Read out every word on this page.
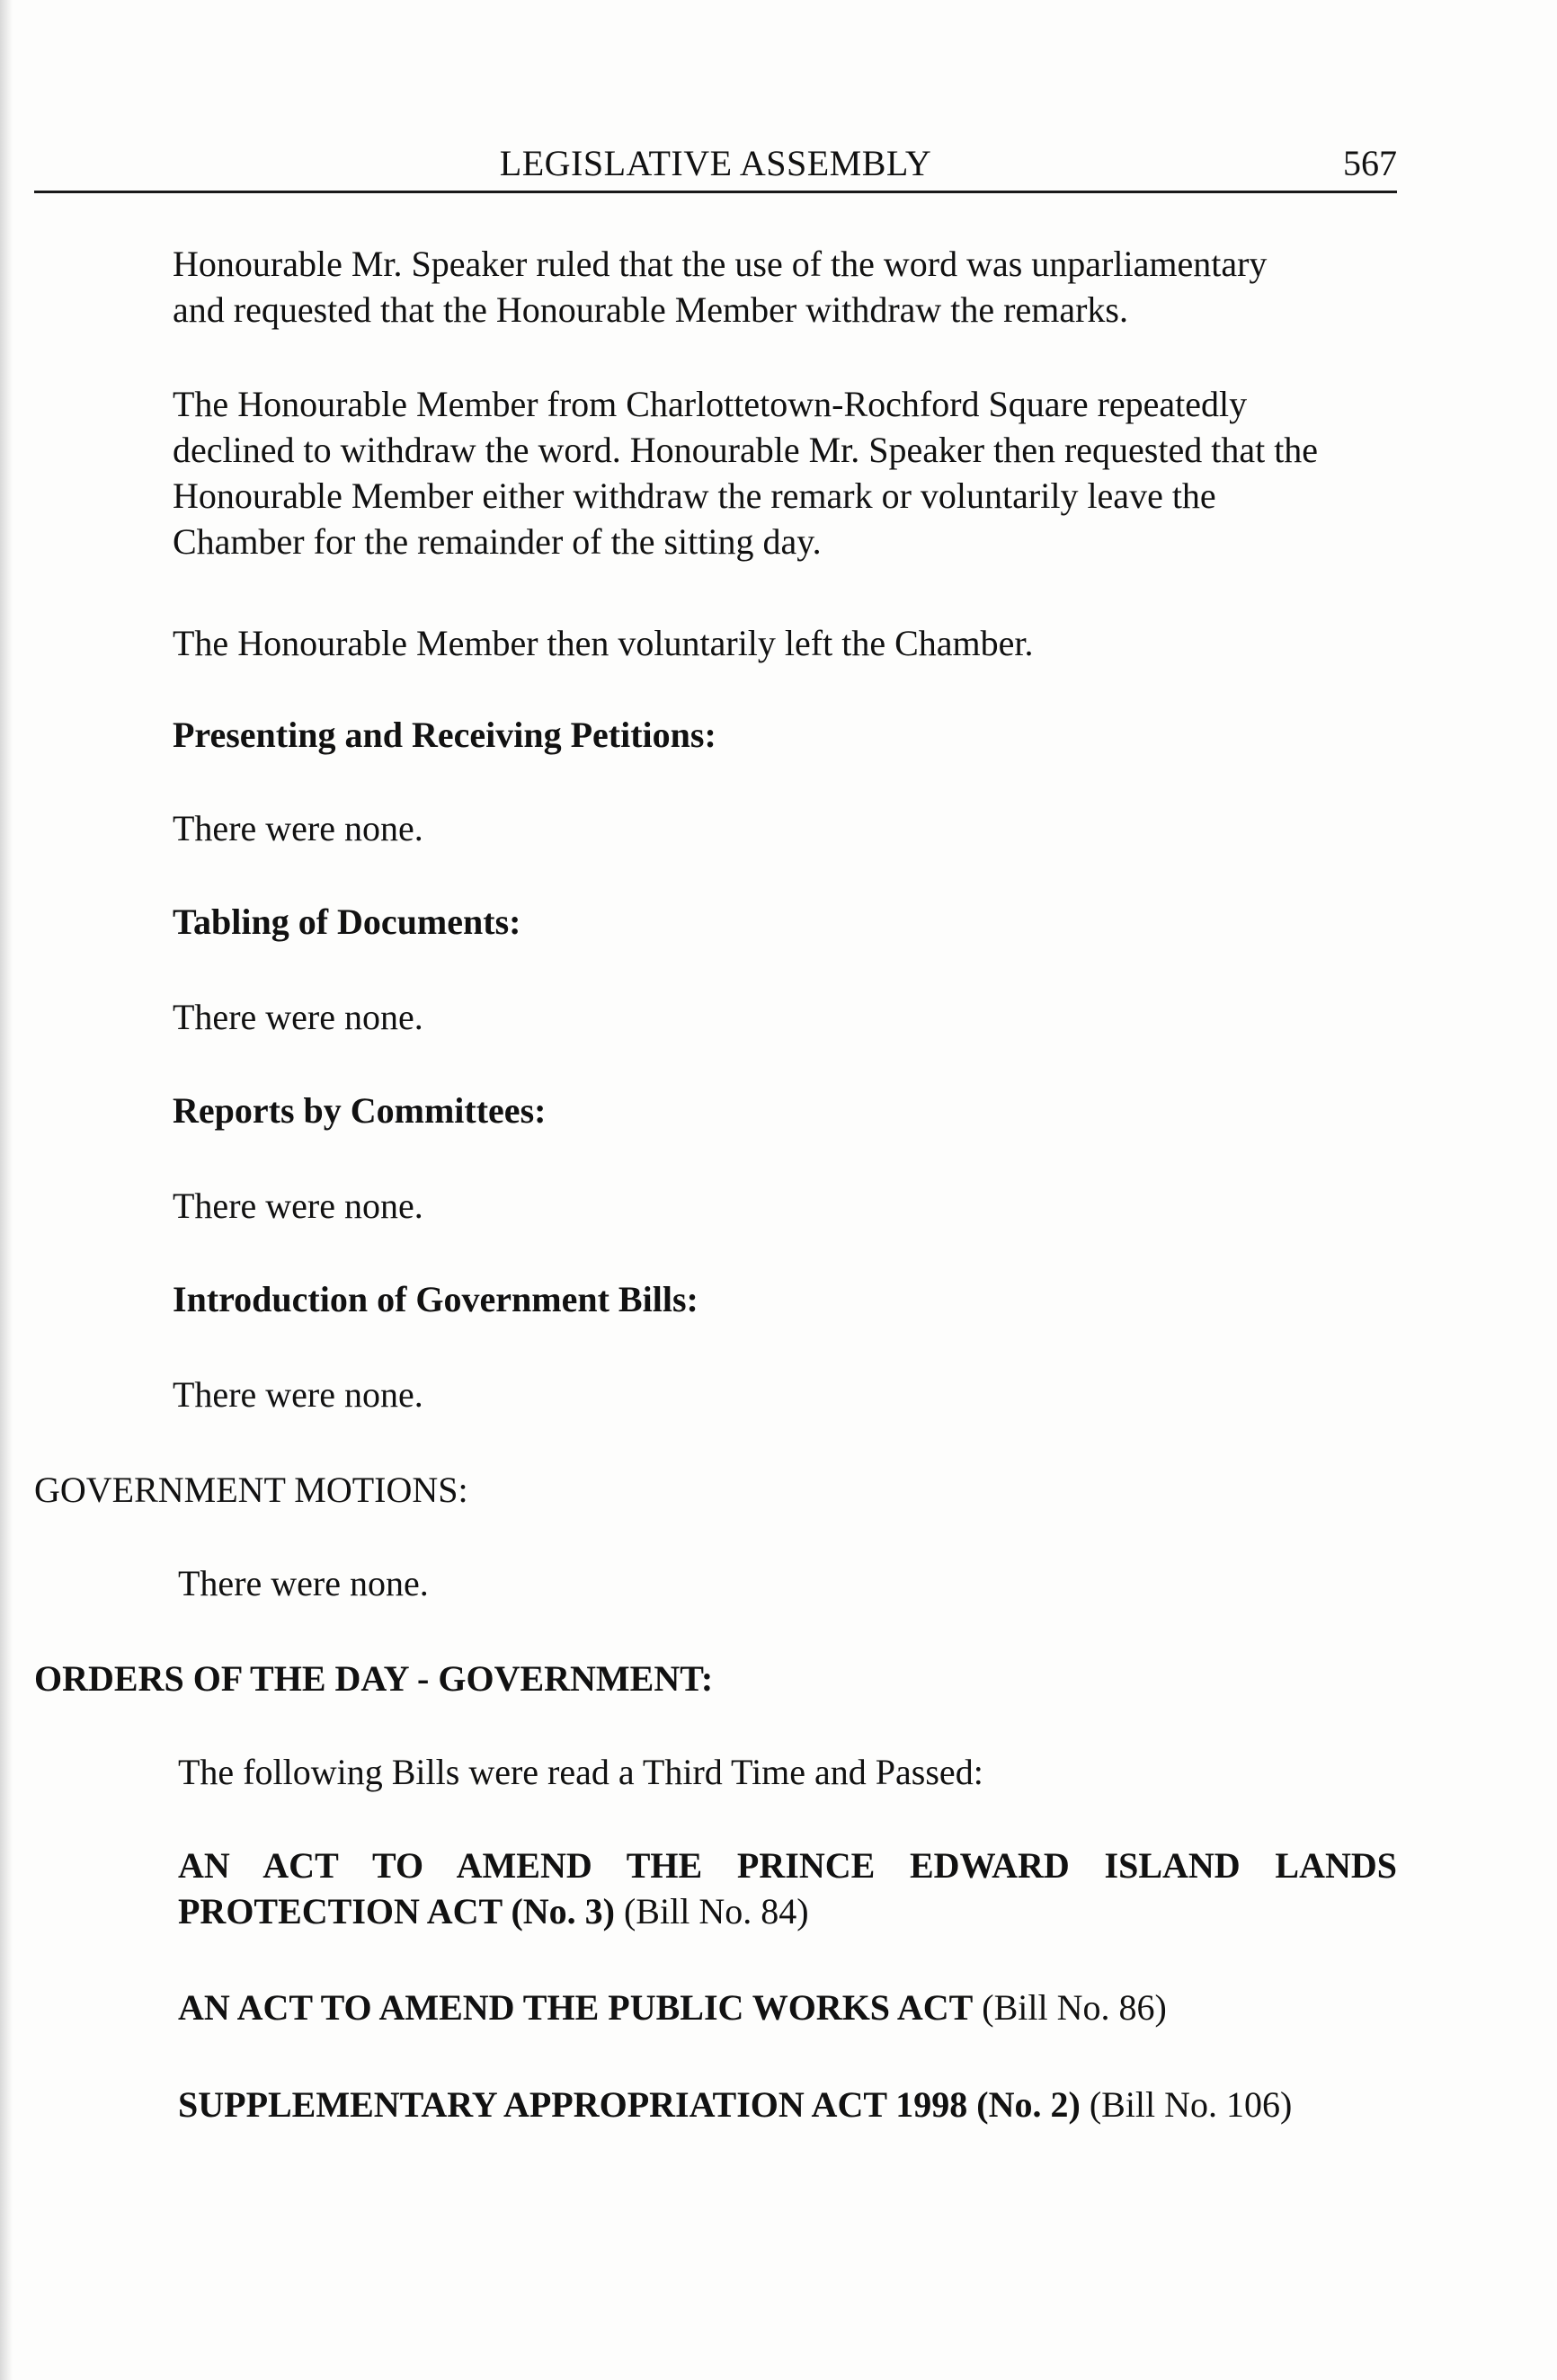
LEGISLATIVE ASSEMBLY	567

Honourable Mr. Speaker ruled that the use of the word was unparliamentary
and requested that the Honourable Member withdraw the remarks.

The Honourable Member from Charlottetown-Rochford Square repeatedly
declined to withdraw the word. Honourable Mr. Speaker then requested that the
Honourable Member either withdraw the remark or voluntarily leave the
Chamber for the remainder of the sitting day.

The Honourable Member then voluntarily left the Chamber.

Presenting and Receiving Petitions:

There were none.

Tabling of Documents:

There were none.

Reports by Committees:

There were none.

Introduction of Government Bills:

There were none.

GOVERNMENT MOTIONS:

There were none.

ORDERS OF THE DAY - GOVERNMENT:

The following Bills were read a Third Time and Passed:

AN ACT TO AMEND THE PRINCE EDWARD ISLAND LANDS
PROTECTION ACT (No. 3) (Bill No. 84)
AN ACT TO AMEND THE PUBLIC WORKS ACT (Bill No. 86)
SUPPLEMENTARY APPROPRIATION ACT 1998 (No. 2) (Bill No. 106)
